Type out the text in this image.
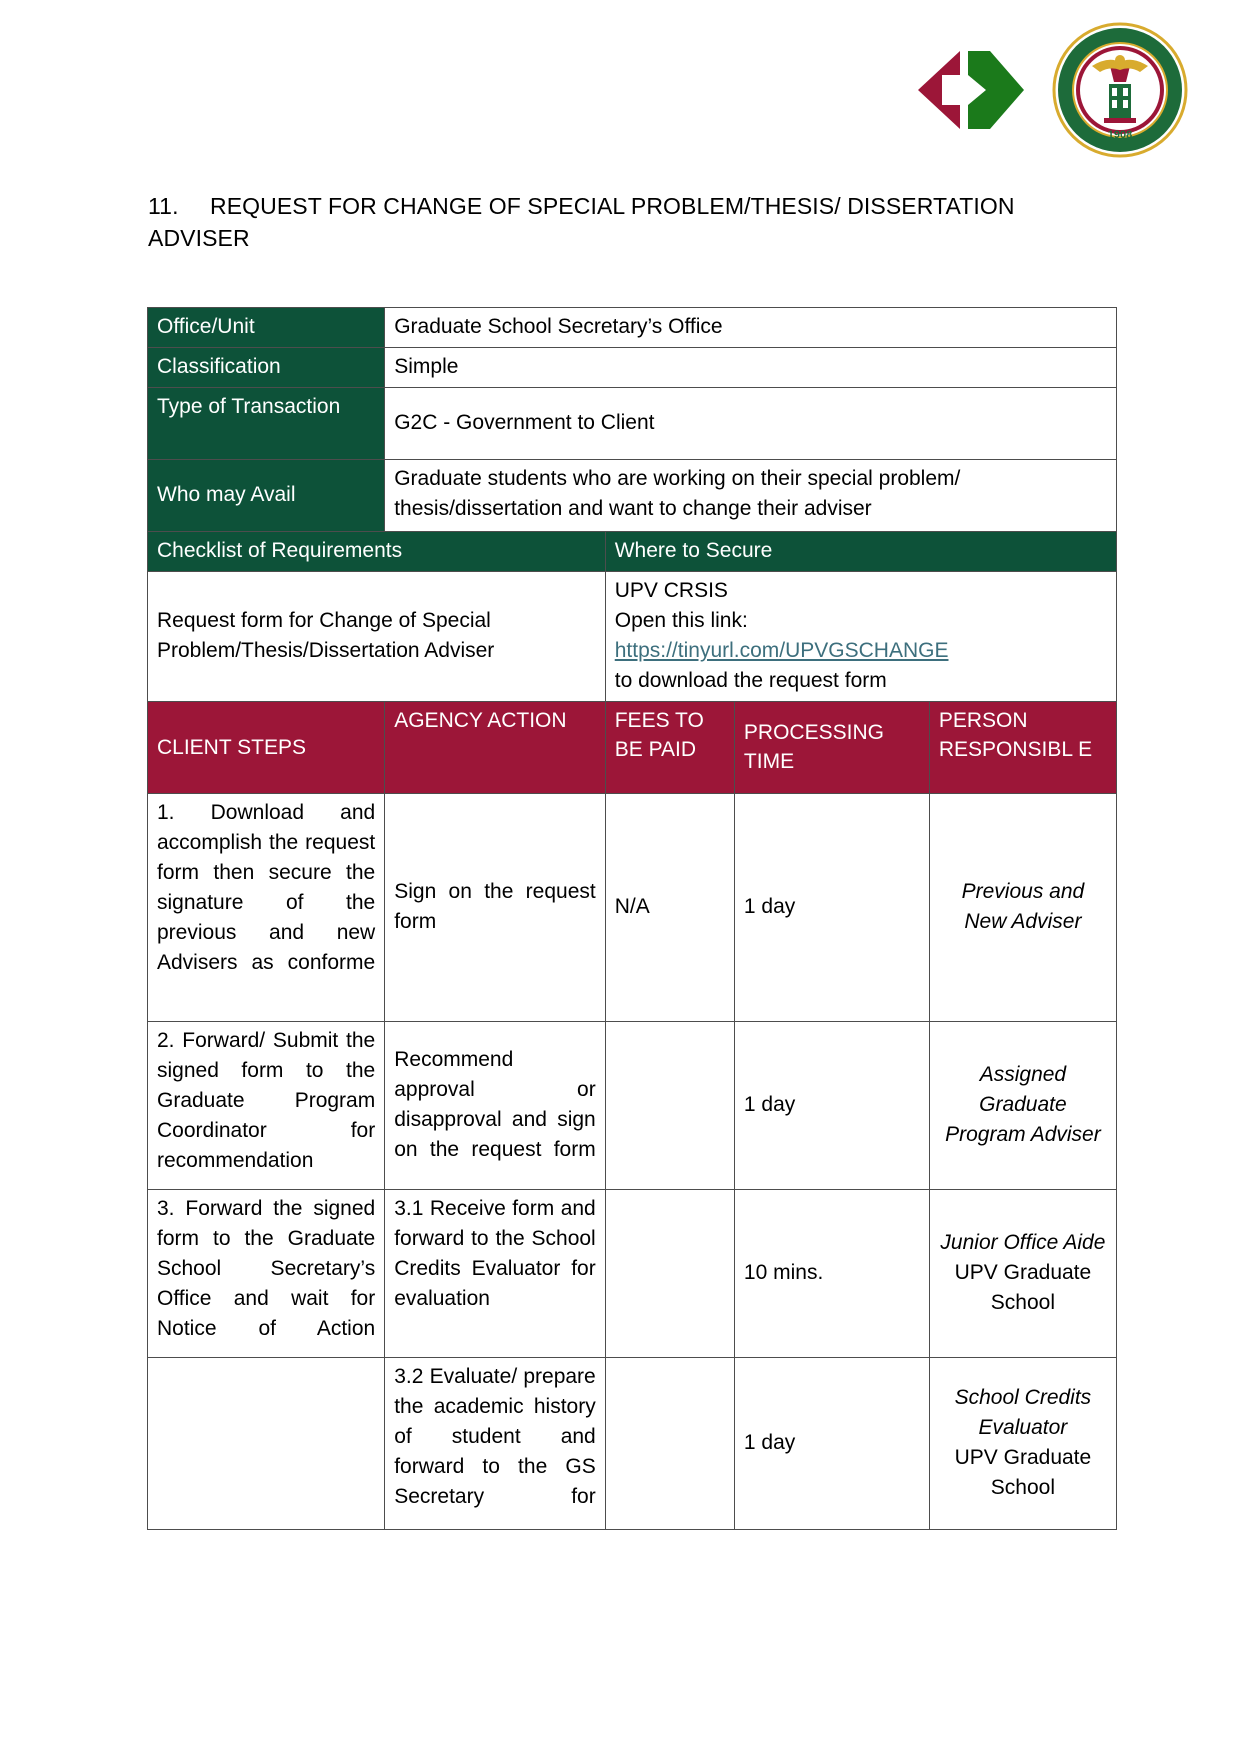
1908
11. REQUEST FOR CHANGE OF SPECIAL PROBLEM/THESIS/ DISSERTATION ADVISER
Office/Unit	Graduate School Secretary’s Office			
Classification	Simple			
Type of Transaction	G2C - Government to Client			
Who may Avail	Graduate students who are working on their special problem/ thesis/dissertation and want to change their adviser			
Checklist of Requirements		Where to Secure		
Request form for Change of Special Problem/Thesis/Dissertation Adviser		UPV CRSIS
Open this link:
https://tinyurl.com/UPVGSCHANGE
to download the request form		

CLIENT STEPS	AGENCY ACTION	FEES TO BE PAID	PROCESSING TIME	PERSON RESPONSIBL E
1. Download and accomplish the request form then secure the signature of the previous and new Advisers as conforme	Sign on the request form	N/A	1 day	Previous and New Adviser
2. Forward/ Submit the signed form to the Graduate Program Coordinator for recommendation	Recommend approval or disapproval and sign on the request form		1 day	Assigned Graduate Program Adviser
3. Forward the signed form to the Graduate School Secretary’s Office and wait for Notice of Action	3.1 Receive form and forward to the School Credits Evaluator for evaluation		10 mins.	Junior Office Aide
UPV Graduate School

	3.2 Evaluate/ prepare the academic history of student and forward to the GS Secretary for		1 day	School Credits Evaluator
UPV Graduate School
